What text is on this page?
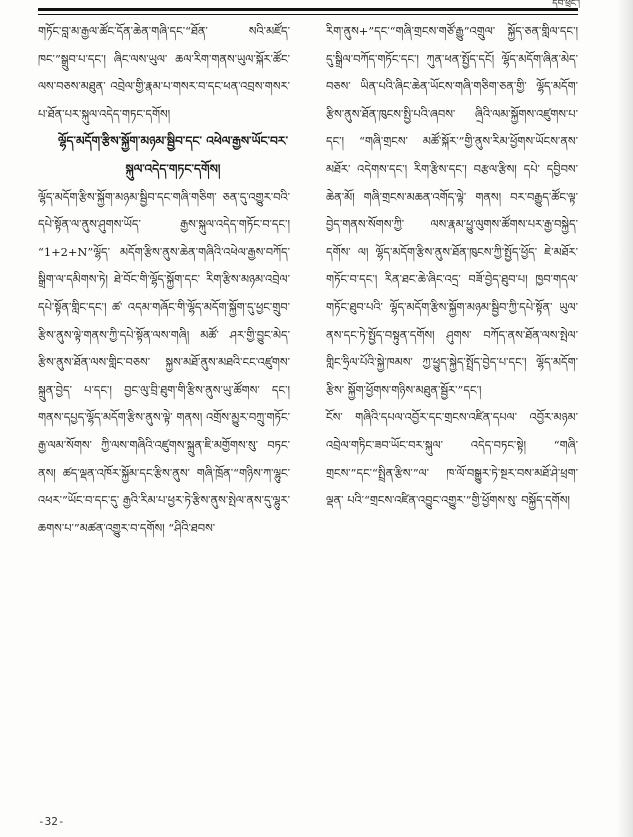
དེབ་ཕྲེང་།

གཏོང་བླ་མ་རྒྱལ་ཚོང་དོན་ཆེན་གཞི་དང་“ཐོན་ སའི་མཛོད་ཁང་”སྒྲུབ་པ་དང་། ཞིང་ལས་ཡུལ་ ཆལ་རིག་གནས་ཡུལ་སྐོར་ཚོང་ལས་བཅས་མཐུན་ འབྲེལ་གྱི་རྣམ་པ་གསར་བ་དང་ཕན་འབྲས་གསར་ པ་ཐོན་པར་སྐུལ་འདེད་གཏང་དགོས།

ལྷོད་མདོག་རྩིས་སྐྱོག་མཉམ་སྦྱིབ་དང་ འཕེལ་རྒྱས་ཡོང་བར་སྐུལ་འདེད་གཏང་དགོས།

ལྷོད་མདོག་རྩིས་སྐྱོག་མཉམ་སྦྱིབ་དང་གཞི་གཅིག་ ཅན་དུ་འགྱུར་བའི་དཔེ་སྟོན་ལ་ནུས་ཤུགས་ཡོད་ རྒྱས་སྐུལ་འདེད་གཏོང་བ་དང་། “1+2+N”ལྷོད་ མདོག་རྩིས་ནུས་ཆེན་གཞིའི་འཕེལ་རྒྱས་བཀོད་ སྒྲིག་ལ་དམིགས་ཏེ། ཐེ་བོང་གི་ལྷོད་སྐྱོག་དང་ རིག་རྩིས་མཉམ་འབྲེལ་དཔེ་སྟོན་གླིང་དང་། ཚ་ འདམ་གཞོང་གི་ལྷོད་མདོག་སྐྱོག་དུ་ཕྱང་གྲུབ་ རྩིས་ནུས་ལྟེ་གནས་ཀྱི་དཔེ་སྟོན་ལས་གཞི། མཚོ་ ཤར་གྱི་བྱུང་མེད་རྩིས་ནུས་ཐོན་ལས་གླིང་བཅས་ སྐྱས་མཐོ་ནུས་མཐའི་ངང་འཛུགས་སྐྲུན་བྱེད་ པ་དང་། བྱང་ལུ་བྲི་ཐུག་གི་རྩིས་ནུས་ཡུ་ཚོགས་ དང་། གནས་དཔྱད་ལྷོད་མདོག་རྩིས་ནུས་ལྟེ་ གནས། འགྲོས་མྱུར་བཀྲུ་གཏོང་རྒྱ་ལམ་སོགས་ ཀྱི་ལས་གཞིའི་འཛུགས་སྐྲུན་ཇི་མགྱོགས་སུ་ བཏང་ནས། ཚད་ལྡན་འཁོར་སྐྱོམ་དང་རྩིས་ནུས་ གཞི་ཁྲོན་“གཉིས་ཀ་ལྷུང་འཕར་”ཡོང་བ་དང་དུ་ རྒྱའི་རིམ་པ་ཕྱར་ཏེ་རྩིས་ནུས་སྤེལ་ནས་དུ་ལྷུར་ ཆགས་པ་”མཚན་འགྱུར་བ་དགོས། “ཤིའི་ཐབས་

རིག་ནུས+”དང་“གཞི་གྲངས་གཙོ་རྒྱུ”འགྲུལ་ སྐྱོད་ཅན་གླིལ་དང་། དུ་སྒྲིལ་བཀོད་གཏོང་དང་། ཀུན་ཕན་སྤྱོད་དངོ། ལྷོད་མདོག་ཞིན་མེད་བཅས་ ཡིན་པའི་ཞིང་ཆེན་ཡོངས་གཞི་གཅིག་ཅན་གྱི་ ལྷོད་མདོག་རྩིས་ནུས་ཐོན་ཁུངས་སྤྱི་པའི་ཞབས་ ཞྲིའི་ལམ་སྐྱོགས་འཛུགས་པ་དང་། “གཞི་གྲངས་ མཚོ་སྐོར་”གྱི་ནུས་རིམ་ཕྱོགས་ཡོངས་ནས་མཐོར་ འདེགས་དང་། རིག་རྩིས་དང་། བརྩལ་རྩིས། དཔེ་ དབྱིབས་ཆེན་མོ། གཞི་གྲངས་མཆན་འགོད་ལྟེ་ གནས། བར་བརྒྱུད་ཚོང་ལྟ་བྱེད་གནས་སོགས་ཀྱི་ ལས་རྣམ་ཕྱུ་ལུགས་ཚོགས་པར་རྒྱ་བསྐྱེད་དགོས་ ལ། ལྷོད་མདོག་རྩིས་ནུས་ཐོན་ཁུངས་ཀྱི་སྤྱོད་ཕྱོད་ ཇེ་མཐོར་གཏོང་བ་དང་། རིན་ཐང་ཆེ་ཞིང་འདྲ་ བཟོ་བྱེད་ཐུབ་པ། ཁྱབ་གདལ་གཏོང་ཐུབ་པའི་ ལྷོད་མདོག་རྩིས་སྐྱོག་མཉམ་སྦྱིབ་ཀྱི་དཔེ་སྟོན་ ཡུལ་ནས་དང་ཏེ་སྤྱོད་བསྟུན་དགོས། ཤུགས་ བཀོད་ནས་ཐོན་ལས་སྤེལ་གླིང་ཧྲིལ་པོའི་སྐྱེ་ཁམས་ ཀྱ་ཕྱུད་སྐྱེད་སྤྲོད་བྱེད་པ་དང་། ལྷོད་མདོག་རྩིས་ སྐྱོག་ཕྱོགས་གཉིས་མཐུན་སྦྱོར་”དང་།

ངོས་ གཞིའི་དཔལ་འབྱོར་དང་གྲངས་འཛིན་དཔལ་ འབྱོར་མཉམ་འབྲེལ་གཏིང་ཟབ་ཡོང་བར་སྐུལ་ འདེད་བཏང་སྟེ། “གཞི་གྲངས་”དང་“སྤྲིན་རྩིས་”ལ་ ཁ་ལོ་བསྒྱུར་ཏེ་སྔར་བས་མཐོ་ཤེ་ཕྲག་ལྡན་ པའི་“གྲངས་འཛིན་འབྱུང་འགྱུར་”གྱི་ཕྱོགས་སུ་ བསྐྱོད་དགོས།

-32-
